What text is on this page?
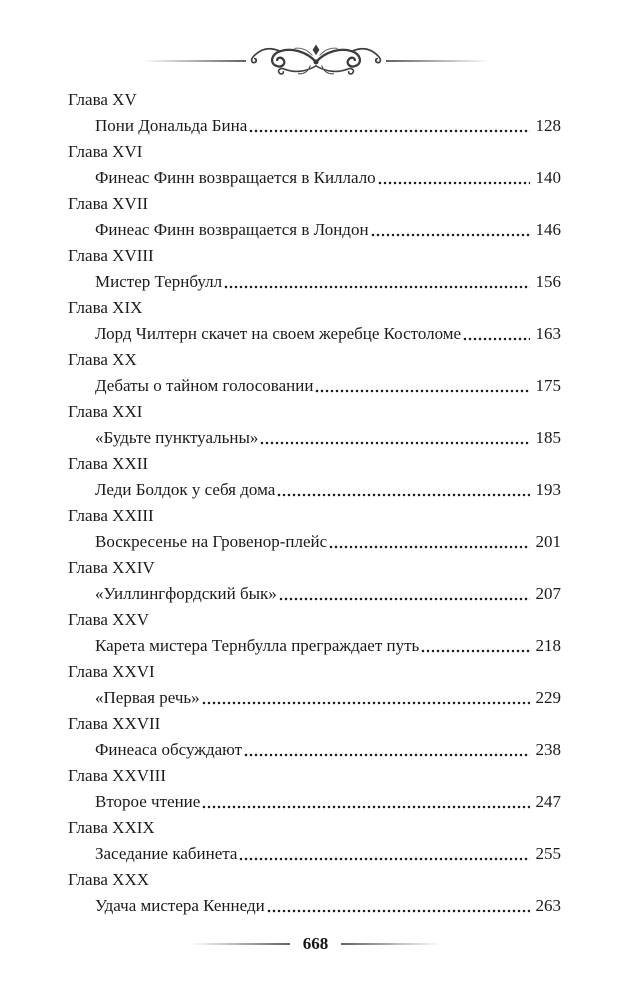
Глава XV
Пони Дональда Бина	128
Глава XVI
Финеас Финн возвращается в Киллало	140
Глава XVII
Финеас Финн возвращается в Лондон	146
Глава XVIII
Мистер Тернбулл	156
Глава XIX
Лорд Чилтерн скачет на своем жеребце Костоломе	163
Глава XX
Дебаты о тайном голосовании	175
Глава XXI
«Будьте пунктуальны»	185
Глава XXII
Леди Болдок у себя дома	193
Глава XXIII
Воскресенье на Гровенор-плейс	201
Глава XXIV
«Уиллингфордский бык»	207
Глава XXV
Карета мистера Тернбулла преграждает путь	218
Глава XXVI
«Первая речь»	229
Глава XXVII
Финеаса обсуждают	238
Глава XXVIII
Второе чтение	247
Глава XXIX
Заседание кабинета	255
Глава XXX
Удача мистера Кеннеди	263
668
